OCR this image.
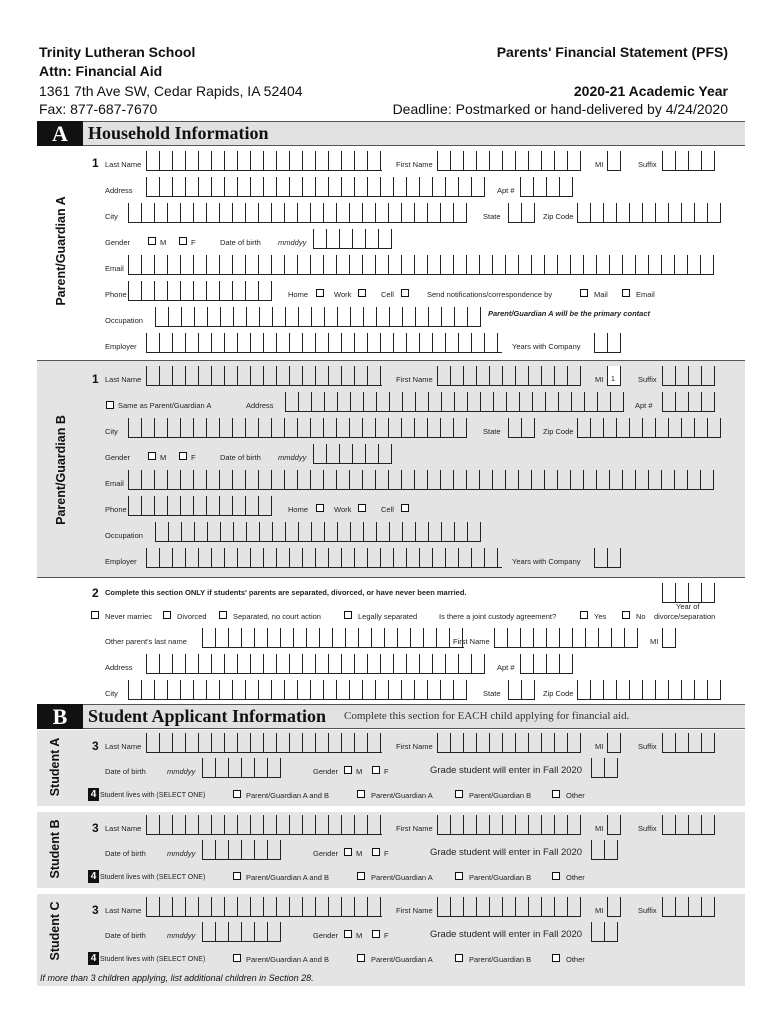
Trinity Lutheran School
Attn: Financial Aid
1361 7th Ave SW, Cedar Rapids, IA 52404
Fax: 877-687-7670
Parents' Financial Statement (PFS)
2020-21 Academic Year
Deadline: Postmarked or hand-delivered by 4/24/2020
A	Household Information
Parent/Guardian A
1 Last Name	First Name	MI	Suffix
Address	Apt #
City	State	Zip Code
Gender	M	F	Date of birth mmddyy
Email
Phone	Home	Work	Cell	Send notifications/correspondence by	Mail	Email
Parent/Guardian A will be the primary contact
Occupation
Employer	Years with Company
Parent/Guardian B
1 Last Name	First Name	MI 1	Suffix
Same as Parent/Guardian A	Address	Apt #
City	State	Zip Code
Gender	M	F	Date of birth mmddyy
Email
Phone	Home	Work	Cell
Occupation
Employer	Years with Company
2 Complete this section ONLY if students' parents are separated, divorced, or have never been married.
Year of
divorce/separation
Never marriec	Divorced	Separated, no court action	Legally separated	Is there a joint custody agreement?	Yes	No
Other parent's last name	First Name	MI
Address	Apt #
City	State	Zip Code
B	Student Applicant Information Complete this section for EACH child applying for financial aid.
Student A	3 Last Name	First Name	MI	Suffix
Date of birth	mmddyy	Gender M	F	Grade student will enter in Fall 2020
4 Student lives with (SELECT ONE)	Parent/Guardian A and B	Parent/Guardian A	Parent/Guardian B	Other
Student B	3 Last Name	First Name	MI	Suffix
Date of birth	mmddyy	Gender M	F	Grade student will enter in Fall 2020
4 Student lives with (SELECT ONE)	Parent/Guardian A and B	Parent/Guardian A	Parent/Guardian B	Other
Student C	3 Last Name	First Name	MI	Suffix
Date of birth	mmddyy	Gender M	F	Grade student will enter in Fall 2020
4 Student lives with (SELECT ONE)	Parent/Guardian A and B	Parent/Guardian A	Parent/Guardian B	Other
If more than 3 children applying, list additional children in Section 28.
